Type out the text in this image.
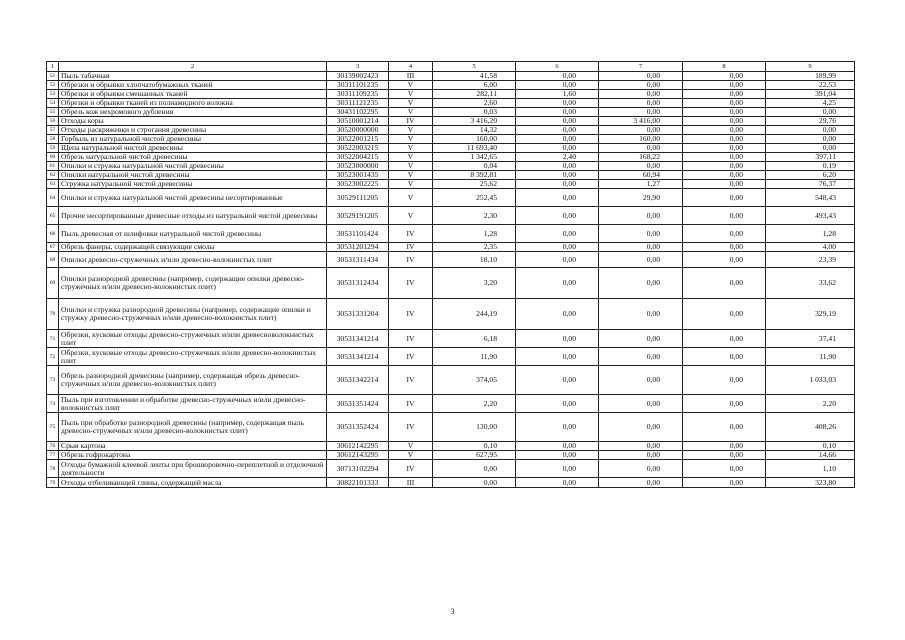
1	2	3	4	5	6	7	8	9
51	Пыль табачная	30139002423	III	41,58	0,00	0,00	0,00	189,99
52	Обрезки и обрывки хлопчатобумажных тканей	30311101235	V	6,00	0,00	0,00	0,00	22,53
53	Обрезки и обрывки смешанных тканей	30311109235	V	282,11	1,60	0,00	0,00	391,04
54	Обрезки и обрывки тканей из полиамидного волокна	30311121235	V	2,60	0,00	0,00	0,00	4,25
55	Обрезь кож нехромового дубления	30431102295	V	0,03	0,00	0,00	0,00	0,00
56	Отходы коры	30510001214	IV	3 416,20	0,00	3 416,00	0,00	29,76
57	Отходы раскряжевки и строгания древесины	30520000000	V	14,32	0,00	0,00	0,00	0,00
58	Горбыль из натуральной чистой древесины	30522001215	V	160,00	0,00	160,00	0,00	0,00
59	Щепа натуральной чистой древесины	30522003215	V	11 693,40	0,00	0,00	0,00	0,00
60	Обрезь натуральной чистой древесины	30522004215	V	1 342,65	2,40	168,22	0,00	397,11
61	Опилки и стружка натуральной чистой древесины	30523000000	V	0,04	0,00	0,00	0,00	0,19
62	Опилки натуральной чистой древесины	30523001435	V	8 392,81	0,00	60,94	0,00	6,20
63	Стружка натуральной чистой древесины	30523002225	V	25,62	0,00	1,27	0,00	76,37
64	Опилки и стружка натуральной чистой древесины несортированные	30529111205	V	252,45	0,00	29,90	0,00	548,43
65	Прочие несортированные древесные отходы из натуральной чистой древесины	30529191205	V	2,30	0,00	0,00	0,00	493,43
66	Пыль древесная от шлифовки натуральной чистой древесины	30531101424	IV	1,28	0,00	0,00	0,00	1,28
67	Обрезь фанеры, содержащей связующие смолы	30531201294	IV	2,35	0,00	0,00	0,00	4,00
68	Опилки древесно-стружечных и/или древесно-волокнистых плит	30531311434	IV	18,10	0,00	0,00	0,00	23,39
69	Опилки разнородной древесины (например, содержащие опилки древесно-стружечных и/или древесно-волокнистых плит)	30531312434	IV	3,20	0,00	0,00	0,00	33,62
70	Опилки и стружка разнородной древесины (например, содержащие опилки и стружку древесно-стружечных и/или древесно-волокнистых плит)	30531331204	IV	244,19	0,00	0,00	0,00	329,19
71	Обрезки, кусковые отходы древесно-стружечных и/или древесноволокнистых плит	30531341214	IV	6,18	0,00	0,00	0,00	37,41
72	Обрезки, кусковые отходы древесно-стружечных и/или древесно-волокнистых плит	30531341214	IV	11,90	0,00	0,00	0,00	11,90
73	Обрезь разнородной древесины (например, содержащая обрезь древесно-стружечных и/или древесно-волокнистых плит)	30531342214	IV	374,05	0,00	0,00	0,00	1 033,03
74	Пыль при изготовлении и обработке древесно-стружечных и/или древесно-волокнистых плит	30531351424	IV	2,20	0,00	0,00	0,00	2,20
75	Пыль при обработке разнородной древесины (например, содержащая пыль древесно-стружечных и/или древесно-волокнистых плит)	30531352424	IV	130,00	0,00	0,00	0,00	408,26
76	Срыв картона	30612142295	V	0,10	0,00	0,00	0,00	0,10
77	Обрезь гофрокартона	30612143295	V	627,95	0,00	0,00	0,00	14,66
78	Отходы бумажной клеевой ленты при брошюровочно-переплетной и отделочной деятельности	30713102294	IV	0,00	0,00	0,00	0,00	1,10
79	Отходы отбеливающей глины, содержащей масла	30822101333	III	0,00	0,00	0,00	0,00	323,80
3
